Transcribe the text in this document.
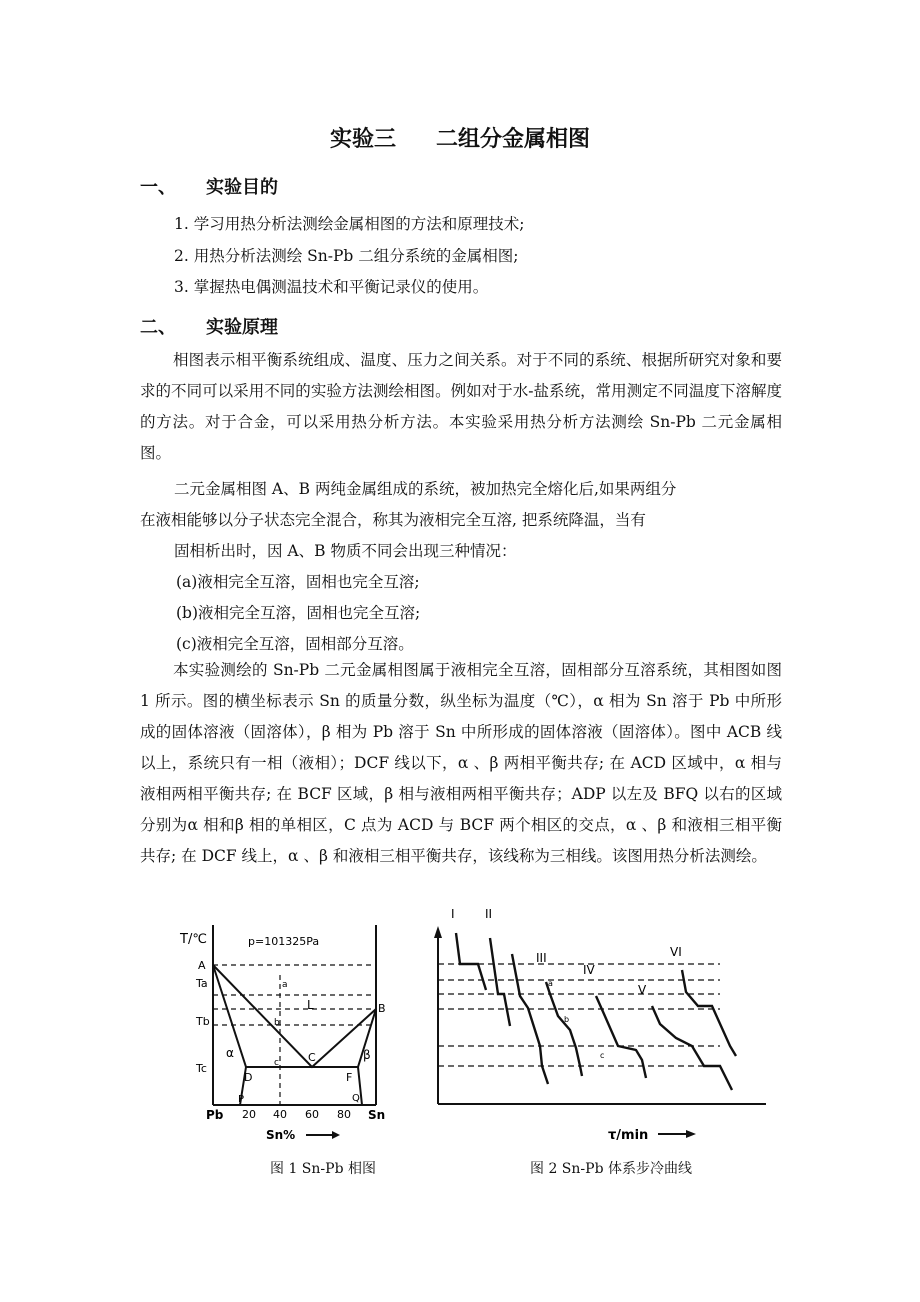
实验三 二组分金属相图
一、 实验目的
1. 学习用热分析法测绘金属相图的方法和原理技术;
2. 用热分析法测绘 Sn-Pb 二组分系统的金属相图;
3. 掌握热电偶测温技术和平衡记录仪的使用。
二、 实验原理

相图表示相平衡系统组成、温度、压力之间关系。对于不同的系统、根据所研究对象和要求的不同可以采用不同的实验方法测绘相图。例如对于水-盐系统，常用测定不同温度下溶解度的方法。对于合金，可以采用热分析方法。本实验采用热分析方法测绘 Sn-Pb 二元金属相图。

二元金属相图 A、B 两纯金属组成的系统，被加热完全熔化后,如果两组分
在液相能够以分子状态完全混合，称其为液相完全互溶, 把系统降温，当有
固相析出时，因 A、B 物质不同会出现三种情况：
(a)液相完全互溶，固相也完全互溶;
(b)液相完全互溶，固相也完全互溶;
(c)液相完全互溶，固相部分互溶。

本实验测绘的 Sn-Pb 二元金属相图属于液相完全互溶，固相部分互溶系统，其相图如图 1 所示。图的横坐标表示 Sn 的质量分数，纵坐标为温度（℃），α 相为 Sn 溶于 Pb 中所形成的固体溶液（固溶体），β 相为 Pb 溶于 Sn 中所形成的固体溶液（固溶体）。图中 ACB 线以上，系统只有一相（液相）；DCF 线以下，α 、β 两相平衡共存; 在 ACD 区域中，α 相与液相两相平衡共存; 在 BCF 区域，β 相与液相两相平衡共存；ADP 以左及 BFQ 以右的区域分别为α 相和β 相的单相区，C 点为 ACD 与 BCF 两个相区的交点，α 、β 和液相三相平衡共存; 在 DCF 线上，α 、β 和液相三相平衡共存，该线称为三相线。该图用热分析法测绘。

T/℃	p=101325Pa
A
Ta
Tb
Tc
a
b
c
L	B
C
D	F
α	β
P	Q
Pb 20 40 60 80 Sn
Sn%
I	II
III
IV
V
VI
a
b
c
τ/min
图 1 Sn-Pb 相图	图 2 Sn-Pb 体系步冷曲线
